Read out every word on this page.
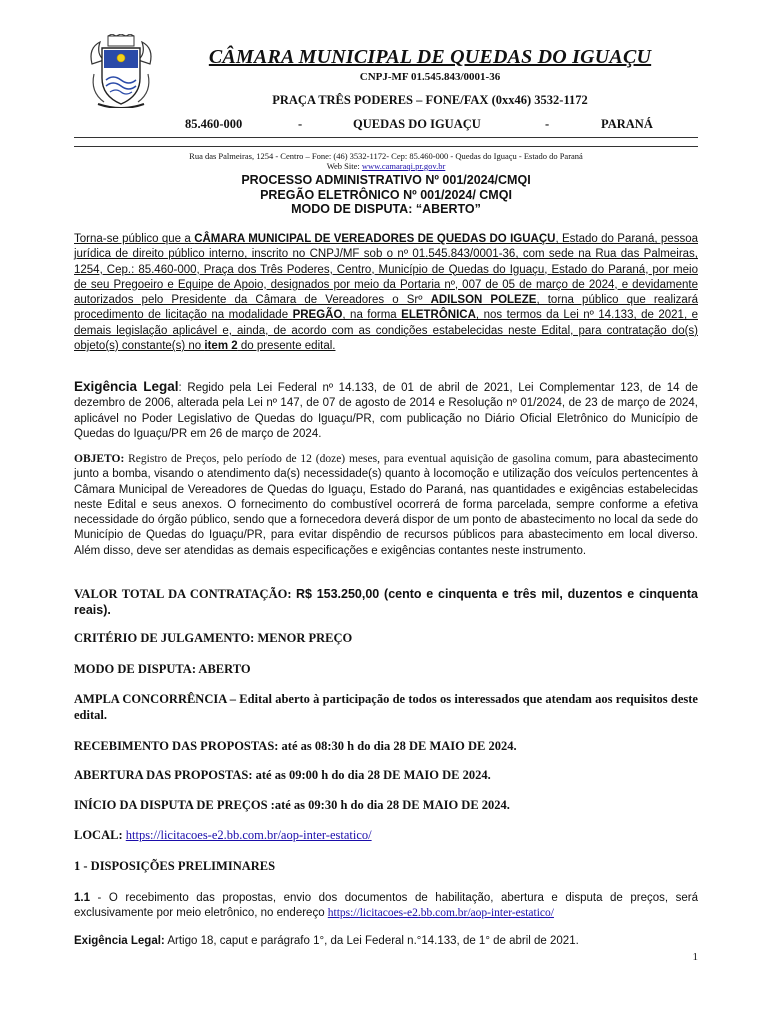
CÂMARA MUNICIPAL DE QUEDAS DO IGUAÇU
CNPJ-MF 01.545.843/0001-36
PRAÇA TRÊS PODERES – FONE/FAX (0xx46) 3532-1172
85.460-000	-	QUEDAS DO IGUAÇU	-	PARANÁ
Rua das Palmeiras, 1254 - Centro – Fone: (46) 3532-1172- Cep: 85.460-000 - Quedas do Iguaçu - Estado do Paraná
Web Site: www.camaraqi.pr.gov.br
PROCESSO ADMINISTRATIVO Nº 001/2024/CMQI
PREGÃO ELETRÔNICO Nº 001/2024/ CMQI
MODO DE DISPUTA: “ABERTO”

Torna-se público que a CÂMARA MUNICIPAL DE VEREADORES DE QUEDAS DO IGUAÇU, Estado do Paraná, pessoa jurídica de direito público interno, inscrito no CNPJ/MF sob o nº 01.545.843/0001-36, com sede na Rua das Palmeiras, 1254, Cep.: 85.460-000, Praça dos Três Poderes, Centro, Município de Quedas do Iguaçu, Estado do Paraná, por meio de seu Pregoeiro e Equipe de Apoio, designados por meio da Portaria nº, 007 de 05 de março de 2024, e devidamente autorizados pelo Presidente da Câmara de Vereadores o Srº ADILSON POLEZE, torna público que realizará procedimento de licitação na modalidade PREGÃO, na forma ELETRÔNICA, nos termos da Lei nº 14.133, de 2021, e demais legislação aplicável e, ainda, de acordo com as condições estabelecidas neste Edital, para contratação do(s) objeto(s) constante(s) no item 2 do presente edital.

Exigência Legal: Regido pela Lei Federal nº 14.133, de 01 de abril de 2021, Lei Complementar 123, de 14 de dezembro de 2006, alterada pela Lei nº 147, de 07 de agosto de 2014 e Resolução nº 01/2024, de 23 de março de 2024, aplicável no Poder Legislativo de Quedas do Iguaçu/PR, com publicação no Diário Oficial Eletrônico do Município de Quedas do Iguaçu/PR em 26 de março de 2024.

OBJETO: Registro de Preços, pelo período de 12 (doze) meses, para eventual aquisição de gasolina comum, para abastecimento junto a bomba, visando o atendimento da(s) necessidade(s) quanto à locomoção e utilização dos veículos pertencentes à Câmara Municipal de Vereadores de Quedas do Iguaçu, Estado do Paraná, nas quantidades e exigências estabelecidas neste Edital e seus anexos. O fornecimento do combustível ocorrerá de forma parcelada, sempre conforme a efetiva necessidade do órgão público, sendo que a fornecedora deverá dispor de um ponto de abastecimento no local da sede do Município de Quedas do Iguaçu/PR, para evitar dispêndio de recursos públicos para abastecimento em local diverso. Além disso, deve ser atendidas as demais especificações e exigências contantes neste instrumento.

VALOR TOTAL DA CONTRATAÇÃO: R$ 153.250,00 (cento e cinquenta e três mil, duzentos e cinquenta reais).

CRITÉRIO DE JULGAMENTO: MENOR PREÇO

MODO DE DISPUTA: ABERTO

AMPLA CONCORRÊNCIA – Edital aberto à participação de todos os interessados que atendam aos requisitos deste edital.

RECEBIMENTO DAS PROPOSTAS: até as 08:30 h do dia 28 DE MAIO DE 2024.

ABERTURA DAS PROPOSTAS: até as 09:00 h do dia 28 DE MAIO DE 2024.

INÍCIO DA DISPUTA DE PREÇOS :até as 09:30 h do dia 28 DE MAIO DE 2024.

LOCAL: https://licitacoes-e2.bb.com.br/aop-inter-estatico/

1 - DISPOSIÇÕES PRELIMINARES

1.1 - O recebimento das propostas, envio dos documentos de habilitação, abertura e disputa de preços, será exclusivamente por meio eletrônico, no endereço https://licitacoes-e2.bb.com.br/aop-inter-estatico/

Exigência Legal: Artigo 18, caput e parágrafo 1°, da Lei Federal n.°14.133, de 1° de abril de 2021.

1
